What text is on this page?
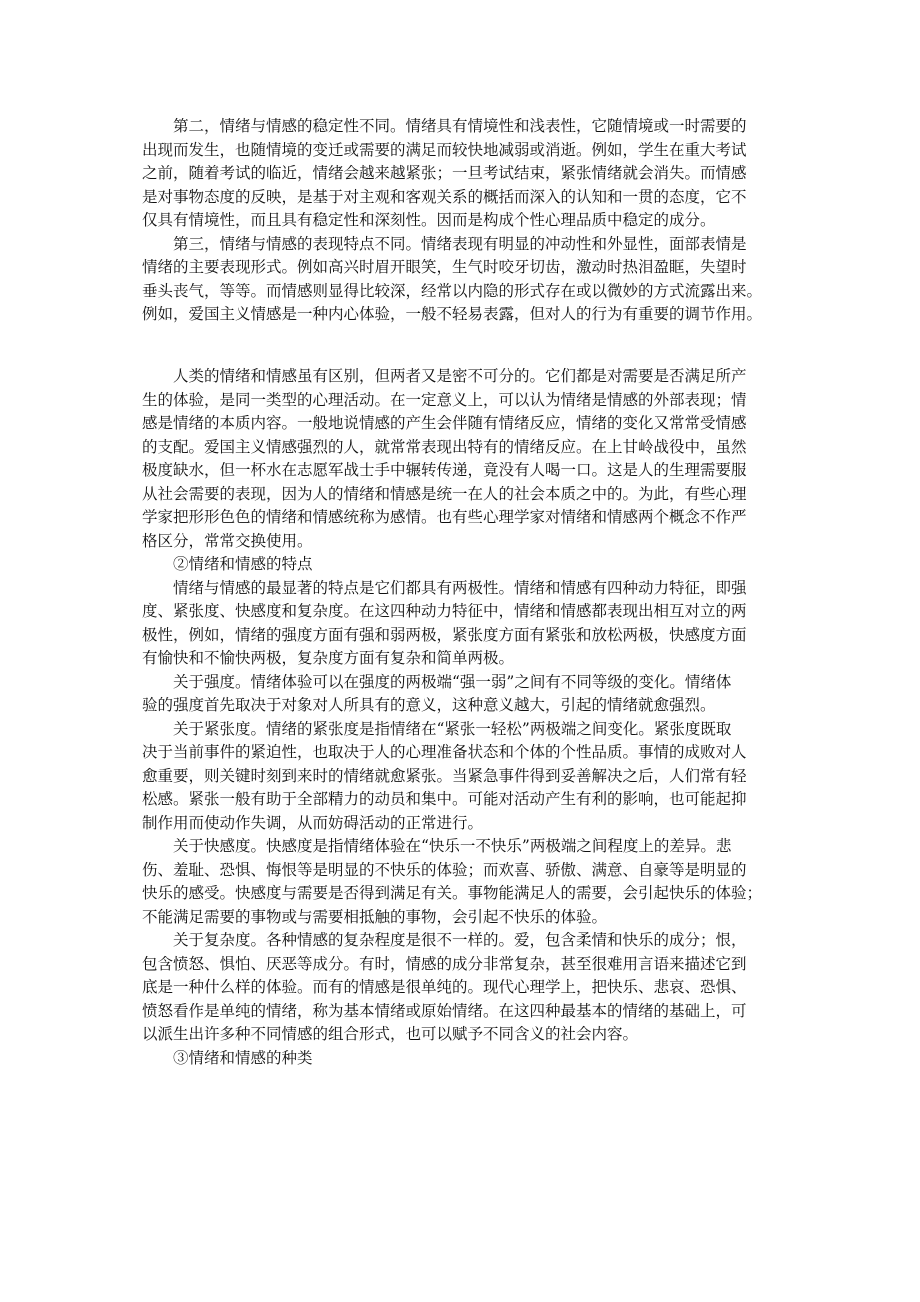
第二，情绪与情感的稳定性不同。情绪具有情境性和浅表性，它随情境或一时需要的
出现而发生，也随情境的变迁或需要的满足而较快地减弱或消逝。例如，学生在重大考试
之前，随着考试的临近，情绪会越来越紧张；一旦考试结束，紧张情绪就会消失。而情感
是对事物态度的反映，是基于对主观和客观关系的概括而深入的认知和一贯的态度，它不
仅具有情境性，而且具有稳定性和深刻性。因而是构成个性心理品质中稳定的成分。
第三，情绪与情感的表现特点不同。情绪表现有明显的冲动性和外显性，面部表情是
情绪的主要表现形式。例如高兴时眉开眼笑，生气时咬牙切齿，激动时热泪盈眶，失望时
垂头丧气，等等。而情感则显得比较深，经常以内隐的形式存在或以微妙的方式流露出来。
例如，爱国主义情感是一种内心体验，一般不轻易表露，但对人的行为有重要的调节作用。
人类的情绪和情感虽有区别，但两者又是密不可分的。它们都是对需要是否满足所产
生的体验，是同一类型的心理活动。在一定意义上，可以认为情绪是情感的外部表现；情
感是情绪的本质内容。一般地说情感的产生会伴随有情绪反应，情绪的变化又常常受情感
的支配。爱国主义情感强烈的人，就常常表现出特有的情绪反应。在上甘岭战役中，虽然
极度缺水，但一杯水在志愿军战士手中辗转传递，竟没有人喝一口。这是人的生理需要服
从社会需要的表现，因为人的情绪和情感是统一在人的社会本质之中的。为此，有些心理
学家把形形色色的情绪和情感统称为感情。也有些心理学家对情绪和情感两个概念不作严
格区分，常常交换使用。
②情绪和情感的特点
情绪与情感的最显著的特点是它们都具有两极性。情绪和情感有四种动力特征，即强
度、紧张度、快感度和复杂度。在这四种动力特征中，情绪和情感都表现出相互对立的两
极性，例如，情绪的强度方面有强和弱两极，紧张度方面有紧张和放松两极，快感度方面
有愉快和不愉快两极，复杂度方面有复杂和简单两极。
关于强度。情绪体验可以在强度的两极端“强一弱”之间有不同等级的变化。情绪体
验的强度首先取决于对象对人所具有的意义，这种意义越大，引起的情绪就愈强烈。
关于紧张度。情绪的紧张度是指情绪在“紧张一轻松”两极端之间变化。紧张度既取
决于当前事件的紧迫性，也取决于人的心理准备状态和个体的个性品质。事情的成败对人
愈重要，则关键时刻到来时的情绪就愈紧张。当紧急事件得到妥善解决之后，人们常有轻
松感。紧张一般有助于全部精力的动员和集中。可能对活动产生有利的影响，也可能起抑
制作用而使动作失调，从而妨碍活动的正常进行。
关于快感度。快感度是指情绪体验在“快乐一不快乐”两极端之间程度上的差异。悲
伤、羞耻、恐惧、悔恨等是明显的不快乐的体验；而欢喜、骄傲、满意、自豪等是明显的
快乐的感受。快感度与需要是否得到满足有关。事物能满足人的需要，会引起快乐的体验；
不能满足需要的事物或与需要相抵触的事物，会引起不快乐的体验。
关于复杂度。各种情感的复杂程度是很不一样的。爱，包含柔情和快乐的成分；恨，
包含愤怒、惧怕、厌恶等成分。有时，情感的成分非常复杂，甚至很难用言语来描述它到
底是一种什么样的体验。而有的情感是很单纯的。现代心理学上，把快乐、悲哀、恐惧、
愤怒看作是单纯的情绪，称为基本情绪或原始情绪。在这四种最基本的情绪的基础上，可
以派生出许多种不同情感的组合形式，也可以赋予不同含义的社会内容。
③情绪和情感的种类
